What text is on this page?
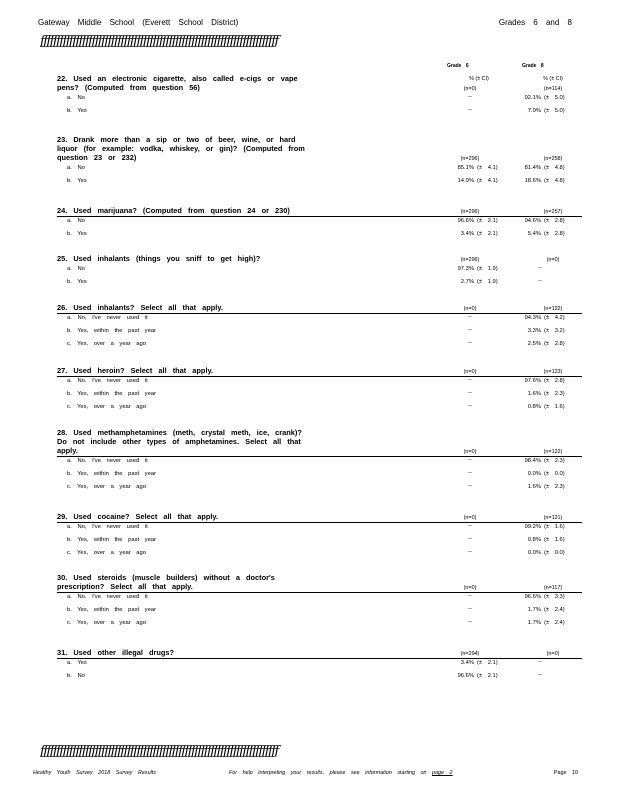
Gateway Middle School (Everett School District)	Grades 6 and 8
ƒƒƒƒƒƒƒƒƒƒƒƒƒƒƒƒƒƒƒƒƒƒƒƒƒƒƒƒƒƒƒƒƒƒƒƒƒƒƒƒƒƒƒƒƒƒƒƒƒƒƒƒƒƒƒƒƒƒƒƒƒƒƒƒƒƒƒƒƒƒƒƒƒƒ
Grade 6	Grade 8
22. Used an electronic cigarette, also called e-cigs or vape pens? (Computed from question 56)
% (± CI)	% (± CI)
(n=0)	(n=114)
a. No	--	92.1% (± 5.0)
b. Yes	--	7.9% (± 5.0)
23. Drank more than a sip or two of beer, wine, or hard liquor (for example: vodka, whiskey, or gin)? (Computed from question 23 or 232)	(n=296)	(n=258)
a. No	85.1% (± 4.1)	81.4% (± 4.8)
b. Yes	14.9% (± 4.1)	18.6% (± 4.8)
24. Used marijuana? (Computed from question 24 or 230)	(n=296)	(n=257)
a. No	96.6% (± 2.1)	94.6% (± 2.8)
b. Yes	3.4% (± 2.1)	5.4% (± 2.8)
25. Used inhalants (things you sniff to get high)?	(n=296)	(n=0)
a. No	97.3% (± 1.9)	--
b. Yes	2.7% (± 1.9)	--
26. Used inhalants? Select all that apply.	(n=0)	(n=122)
a. No, I've never used it	--	94.3% (± 4.2)
b. Yes, within the past year	--	3.3% (± 3.2)
c. Yes, over a year ago	--	2.5% (± 2.8)
27. Used heroin? Select all that apply.	(n=0)	(n=123)
a. No, I've never used it	--	97.6% (± 2.8)
b. Yes, within the past year	--	1.6% (± 2.3)
c. Yes, over a year ago	--	0.8% (± 1.6)
28. Used methamphetamines (meth, crystal meth, ice, crank)? Do not include other types of amphetamines. Select all that apply.	(n=0)	(n=122)
a. No, I've never used it	--	98.4% (± 2.3)
b. Yes, within the past year	--	0.0% (± 0.0)
c. Yes, over a year ago	--	1.6% (± 2.3)
29. Used cocaine? Select all that apply.	(n=0)	(n=121)
a. No, I've never used it	--	99.2% (± 1.6)
b. Yes, within the past year	--	0.8% (± 1.6)
c. Yes, over a year ago	--	0.0% (± 0.0)
30. Used steroids (muscle builders) without a doctor's prescription? Select all that apply.	(n=0)	(n=117)
a. No, I've never used it	--	96.6% (± 3.3)
b. Yes, within the past year	--	1.7% (± 2.4)
c. Yes, over a year ago	--	1.7% (± 2.4)
31. Used other illegal drugs?	(n=294)	(n=0)
a. Yes	3.4% (± 2.1)	--
b. No	96.6% (± 2.1)	--
ƒƒƒƒƒƒƒƒƒƒƒƒƒƒƒƒƒƒƒƒƒƒƒƒƒƒƒƒƒƒƒƒƒƒƒƒƒƒƒƒƒƒƒƒƒƒƒƒƒƒƒƒƒƒƒƒƒƒƒƒƒƒƒƒƒƒƒƒƒƒƒƒƒƒ
Healthy Youth Survey 2018 Survey Results	For help interpreting your results, please see information starting on page 2	Page 10
